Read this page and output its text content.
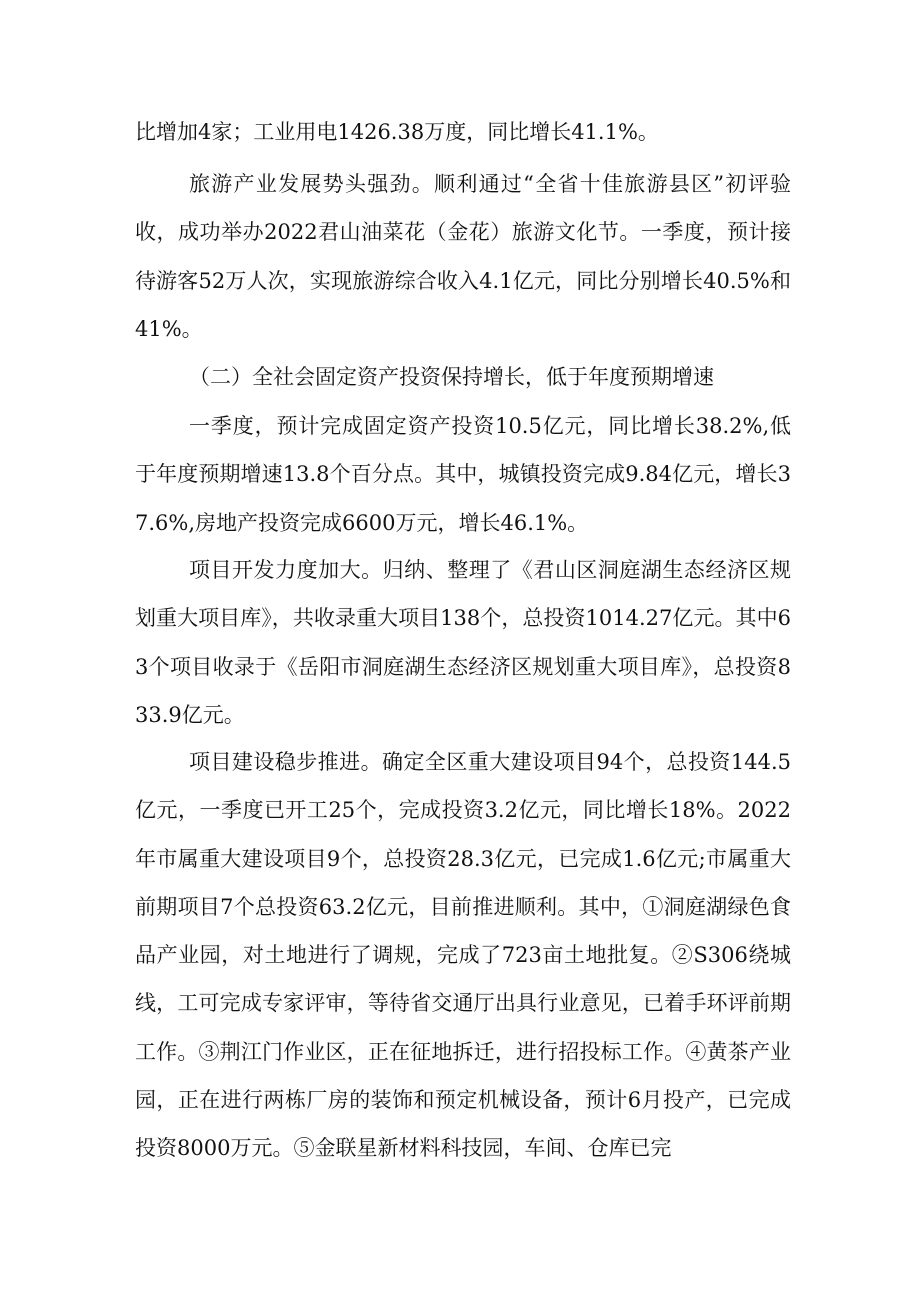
比增加4家；工业用电1426.38万度，同比增长41.1%。

旅游产业发展势头强劲。顺利通过“全省十佳旅游县区”初评验收，成功举办2022君山油菜花（金花）旅游文化节。一季度，预计接待游客52万人次，实现旅游综合收入4.1亿元，同比分别增长40.5%和41%。

（二）全社会固定资产投资保持增长，低于年度预期增速

一季度，预计完成固定资产投资10.5亿元，同比增长38.2%,低于年度预期增速13.8个百分点。其中，城镇投资完成9.84亿元，增长37.6%,房地产投资完成6600万元，增长46.1%。

项目开发力度加大。归纳、整理了《君山区洞庭湖生态经济区规划重大项目库》，共收录重大项目138个，总投资1014.27亿元。其中63个项目收录于《岳阳市洞庭湖生态经济区规划重大项目库》，总投资833.9亿元。

项目建设稳步推进。确定全区重大建设项目94个，总投资144.5亿元，一季度已开工25个，完成投资3.2亿元，同比增长18%。2022年市属重大建设项目9个，总投资28.3亿元，已完成1.6亿元;市属重大前期项目7个总投资63.2亿元，目前推进顺利。其中，①洞庭湖绿色食品产业园，对土地进行了调规，完成了723亩土地批复。②S306绕城线，工可完成专家评审，等待省交通厅出具行业意见，已着手环评前期工作。③荆江门作业区，正在征地拆迁，进行招投标工作。④黄茶产业园，正在进行两栋厂房的装饰和预定机械设备，预计6月投产，已完成投资8000万元。⑤金联星新材料科技园，车间、仓库已完
